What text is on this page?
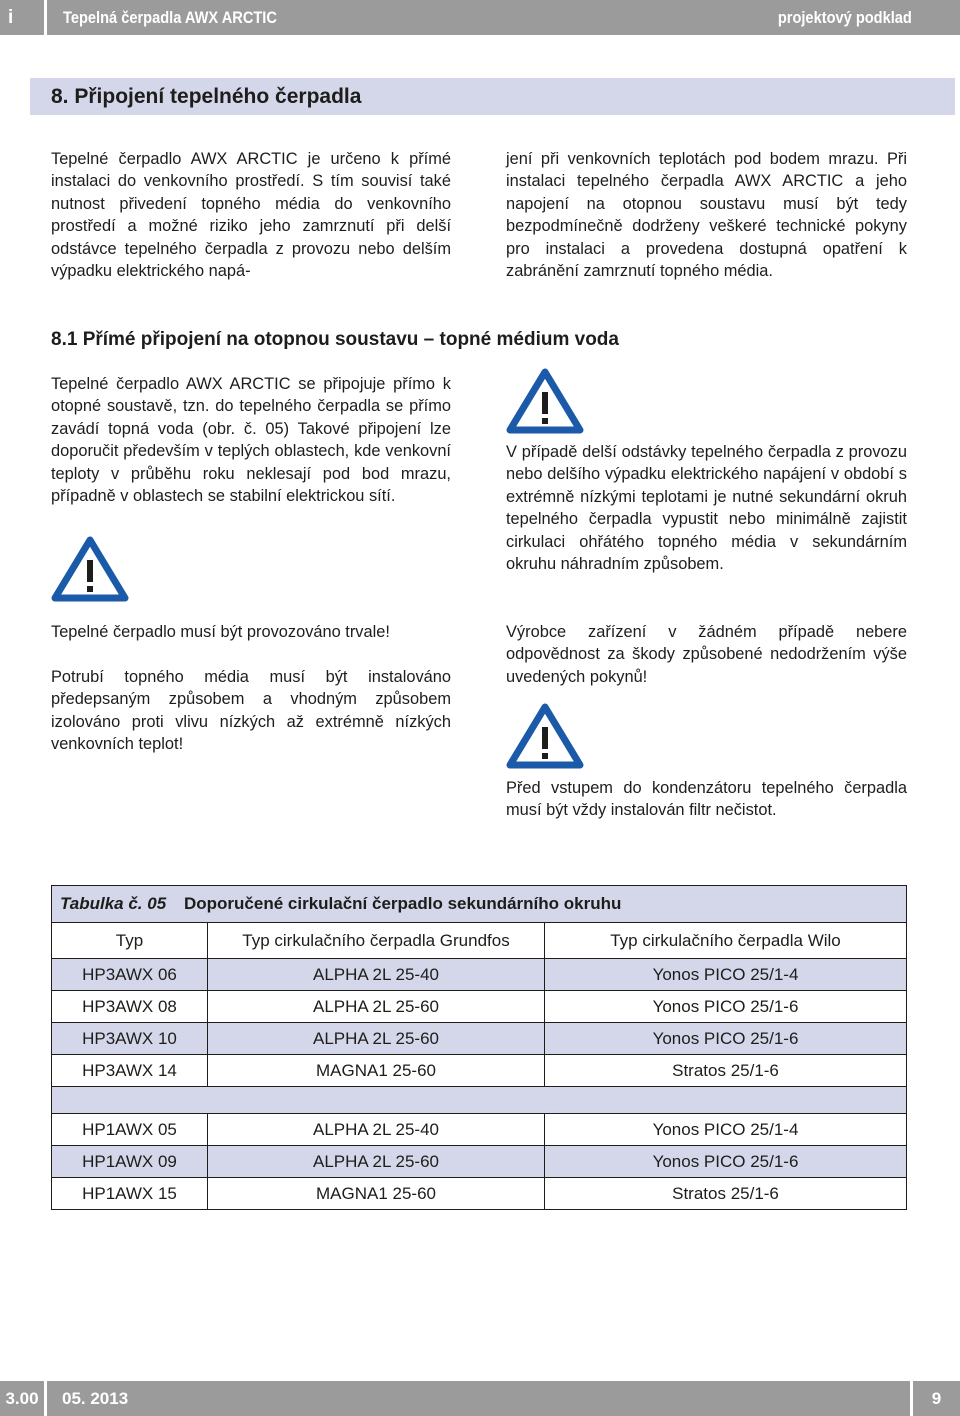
i	Tepelná čerpadla AWX ARCTIC	projektový podklad
8. Připojení tepelného čerpadla

Tepelné čerpadlo AWX ARCTIC je určeno k přímé instalaci do venkovního prostředí. S tím souvisí také nutnost přivedení topného média do venkovního prostředí a možné riziko jeho zamrznutí při delší odstávce tepelného čerpadla z provozu nebo delším výpadku elektrického napá-

jení při venkovních teplotách pod bodem mrazu. Při instalaci tepelného čerpadla AWX ARCTIC a jeho napojení na otopnou soustavu musí být tedy bezpodmínečně dodrženy veškeré technické pokyny pro instalaci a provedena dostupná opatření k zabránění zamrznutí topného média.

8.1 Přímé připojení na otopnou soustavu – topné médium voda

Tepelné čerpadlo AWX ARCTIC se připojuje přímo k otopné soustavě, tzn. do tepelného čerpadla se přímo zavádí topná voda (obr. č. 05) Takové připojení lze doporučit především v teplých oblastech, kde venkovní teploty v průběhu roku neklesají pod bod mrazu, případně v oblastech se stabilní elektrickou sítí.

Tepelné čerpadlo musí být provozováno trvale!

Potrubí topného média musí být instalováno předepsaným způsobem a vhodným způsobem izolováno proti vlivu nízkých až extrémně nízkých venkovních teplot!

V případě delší odstávky tepelného čerpadla z provozu nebo delšího výpadku elektrického napájení v období s extrémně nízkými teplotami je nutné sekundární okruh tepelného čerpadla vypustit nebo minimálně zajistit cirkulaci ohřátého topného média v sekundárním okruhu náhradním způsobem.

Výrobce zařízení v žádném případě nebere odpovědnost za škody způsobené nedodržením výše uvedených pokynů!

Před vstupem do kondenzátoru tepelného čerpadla musí být vždy instalován filtr nečistot.

Tabulka č. 05 Doporučené cirkulační čerpadlo sekundárního okruhu		
Typ	Typ cirkulačního čerpadla Grundfos	Typ cirkulačního čerpadla Wilo
HP3AWX 06	ALPHA 2L 25-40	Yonos PICO 25/1-4
HP3AWX 08	ALPHA 2L 25-60	Yonos PICO 25/1-6
HP3AWX 10	ALPHA 2L 25-60	Yonos PICO 25/1-6
HP3AWX 14	MAGNA1 25-60	Stratos 25/1-6

HP1AWX 05	ALPHA 2L 25-40	Yonos PICO 25/1-4
HP1AWX 09	ALPHA 2L 25-60	Yonos PICO 25/1-6
HP1AWX 15	MAGNA1 25-60	Stratos 25/1-6
3.00	05. 2013	9
